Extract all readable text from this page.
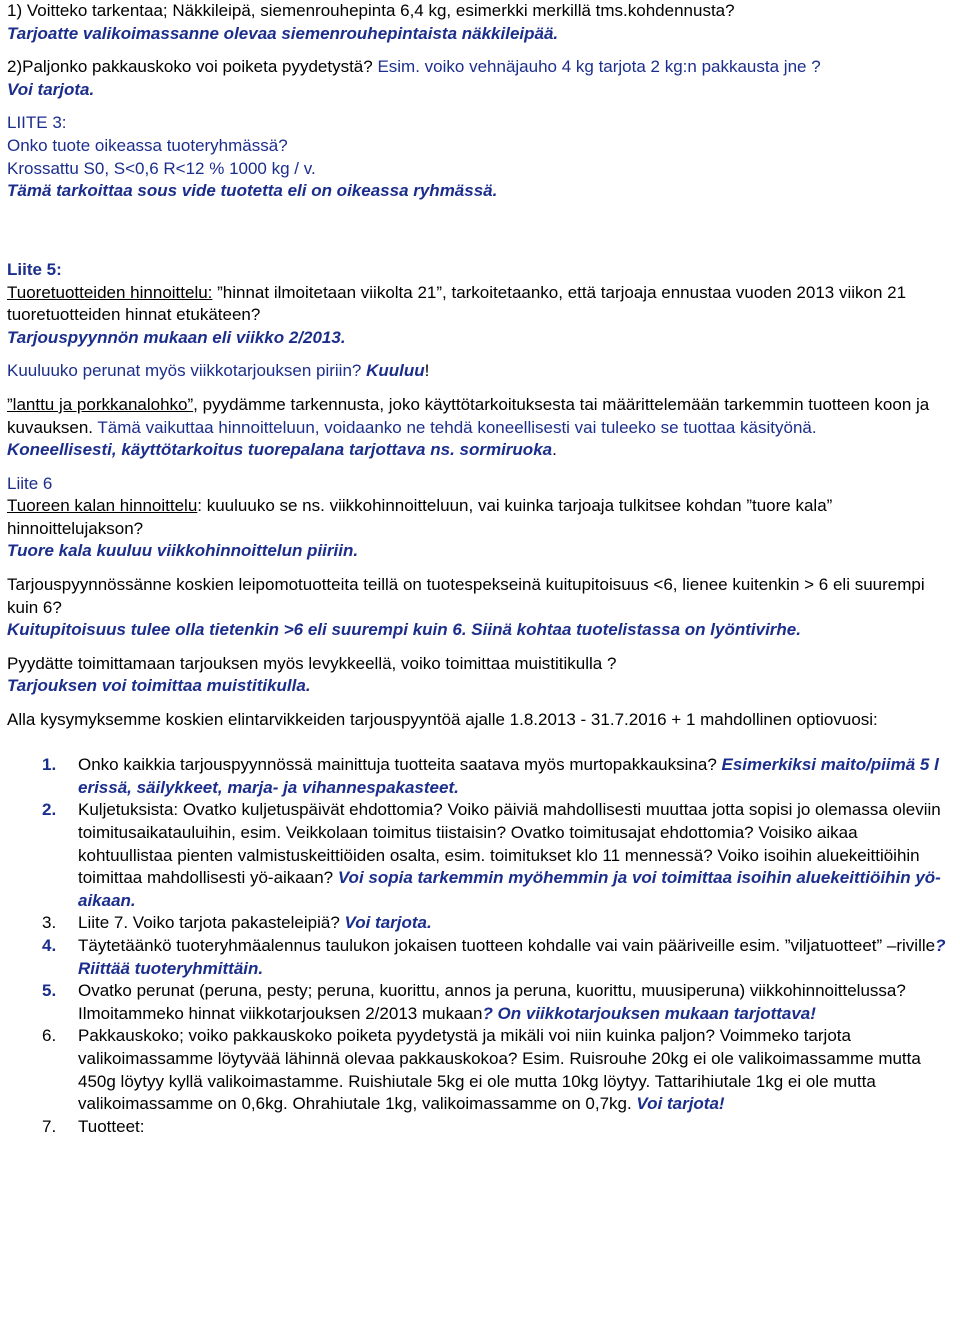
1) Voitteko tarkentaa; Näkkileipä, siemenrouhepinta 6,4 kg, esimerkki merkillä tms.kohdennusta?

Tarjoatte valikoimassanne olevaa siemenrouhepintaista näkkileipää.

2)Paljonko pakkauskoko voi poiketa pyydetystä? Esim. voiko vehnäjauho 4 kg tarjota 2 kg:n pakkausta jne ?

Voi tarjota.

LIITE 3:

Onko tuote oikeassa tuoteryhmässä?

Krossattu S0, S<0,6 R<12 % 1000 kg / v.

Tämä tarkoittaa sous vide tuotetta eli on oikeassa ryhmässä.

Liite 5:

Tuoretuotteiden hinnoittelu: ”hinnat ilmoitetaan viikolta 21”, tarkoitetaanko, että tarjoaja ennustaa vuoden 2013 viikon 21 tuoretuotteiden hinnat etukäteen?

Tarjouspyynnön mukaan eli viikko 2/2013.

Kuuluuko perunat myös viikkotarjouksen piriin? Kuuluu!

”lanttu ja porkkanalohko”, pyydämme tarkennusta, joko käyttötarkoituksesta tai määrittelemään tarkemmin tuotteen koon ja kuvauksen. Tämä vaikuttaa hinnoitteluun, voidaanko ne tehdä koneellisesti vai tuleeko se tuottaa käsityönä.

Koneellisesti, käyttötarkoitus tuorepalana tarjottava ns. sormiruoka.

Liite 6

Tuoreen kalan hinnoittelu: kuuluuko se ns. viikkohinnoitteluun, vai kuinka tarjoaja tulkitsee kohdan ”tuore kala” hinnoittelujakson?

Tuore kala kuuluu viikkohinnoittelun piiriin.

Tarjouspyynnössänne koskien leipomotuotteita teillä on tuotespekseinä kuitupitoisuus <6, lienee kuitenkin > 6 eli suurempi kuin 6?

Kuitupitoisuus tulee olla tietenkin >6 eli suurempi kuin 6. Siinä kohtaa tuotelistassa on lyöntivirhe.

Pyydätte toimittamaan tarjouksen myös levykkeellä, voiko toimittaa muistitikulla ?

Tarjouksen voi toimittaa muistitikulla.

Alla kysymyksemme koskien elintarvikkeiden tarjouspyyntöä ajalle 1.8.2013 - 31.7.2016 + 1 mahdollinen optiovuosi:

1. Onko kaikkia tarjouspyynnössä mainittuja tuotteita saatava myös murtopakkauksina? Esimerkiksi maito/piimä 5 l erissä, säilykkeet, marja- ja vihannespakasteet.
2. Kuljetuksista: Ovatko kuljetuspäivät ehdottomia? Voiko päiviä mahdollisesti muuttaa jotta sopisi jo olemassa oleviin toimitusaikatauluihin, esim. Veikkolaan toimitus tiistaisin? Ovatko toimitusajat ehdottomia? Voisiko aikaa kohtuullistaa pienten valmistuskeittiöiden osalta, esim. toimitukset klo 11 mennessä? Voiko isoihin aluekeittiöihin toimittaa mahdollisesti yö-aikaan? Voi sopia tarkemmin myöhemmin ja voi toimittaa isoihin aluekeittiöihin yö-aikaan.
3. Liite 7. Voiko tarjota pakasteleipiä? Voi tarjota.
4. Täytetäänkö tuoteryhmäalennus taulukon jokaisen tuotteen kohdalle vai vain pääriveille esim. ”viljatuotteet” –riville? Riittää tuoteryhmittäin.
5. Ovatko perunat (peruna, pesty; peruna, kuorittu, annos ja peruna, kuorittu, muusiperuna) viikkohinnoittelussa? Ilmoitammeko hinnat viikkotarjouksen 2/2013 mukaan? On viikkotarjouksen mukaan tarjottava!
6. Pakkauskoko; voiko pakkauskoko poiketa pyydetystä ja mikäli voi niin kuinka paljon? Voimmeko tarjota valikoimassamme löytyvää lähinnä olevaa pakkauskokoa? Esim. Ruisrouhe 20kg ei ole valikoimassamme mutta 450g löytyy kyllä valikoimastamme. Ruishiutale 5kg ei ole mutta 10kg löytyy. Tattarihiutale 1kg ei ole mutta valikoimassamme on 0,6kg. Ohrahiutale 1kg, valikoimassamme on 0,7kg. Voi tarjota!
7. Tuotteet:
